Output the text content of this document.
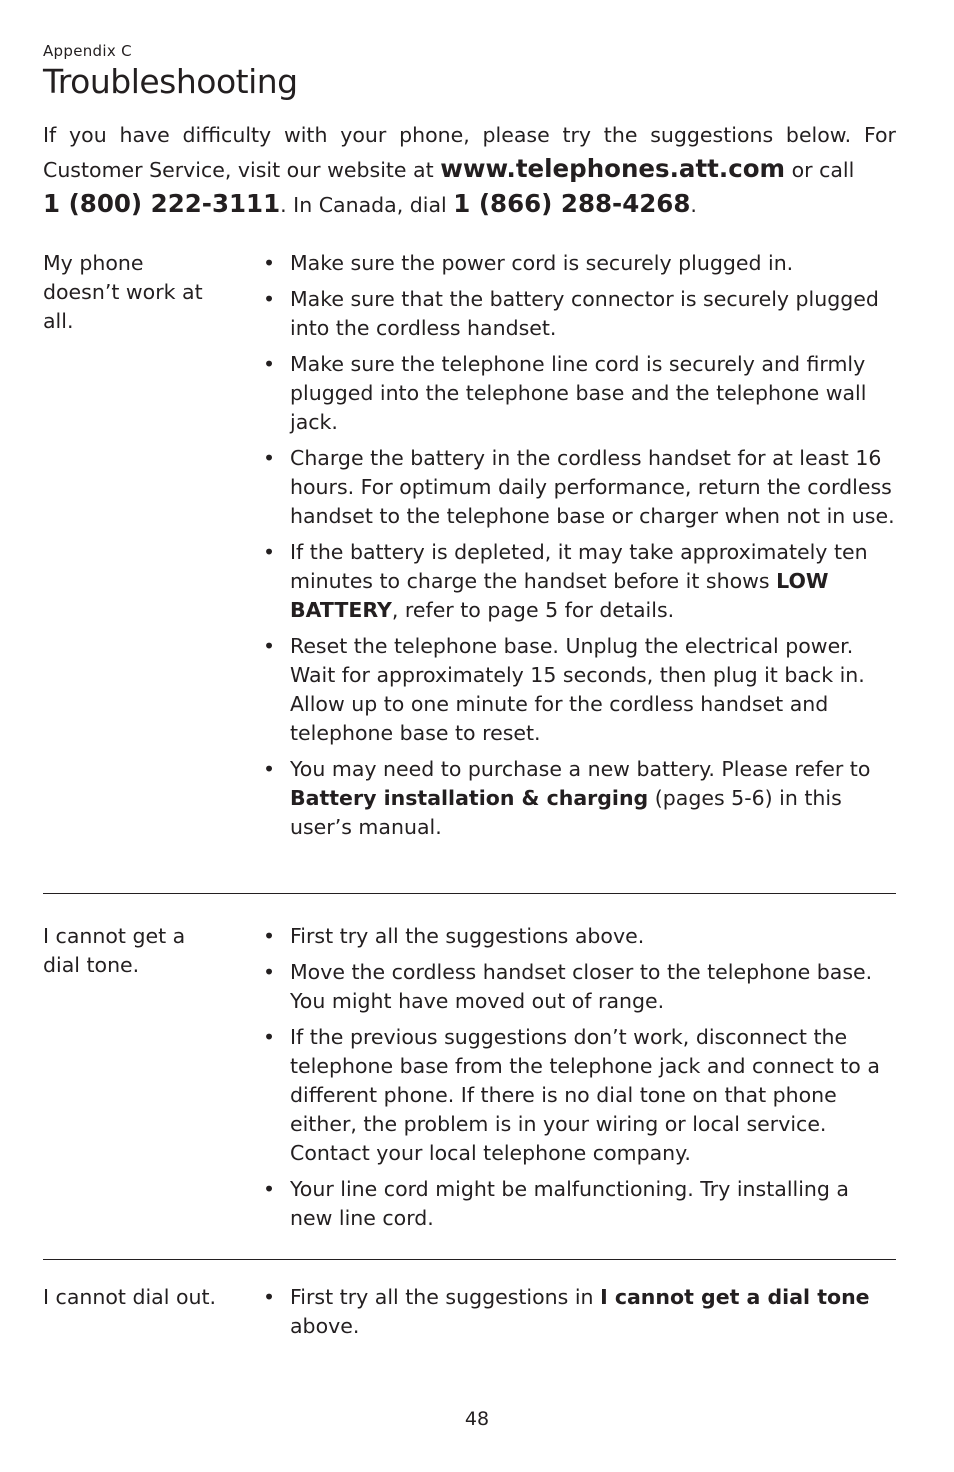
Appendix C
Troubleshooting
If you have difficulty with your phone, please try the suggestions below. For Customer Service, visit our website at www.telephones.att.com or call
1 (800) 222-3111. In Canada, dial 1 (866) 288-4268.
My phone doesn’t work at all.
• Make sure the power cord is securely plugged in.
• Make sure that the battery connector is securely plugged into the cordless handset.
• Make sure the telephone line cord is securely and firmly plugged into the telephone base and the telephone wall jack.
• Charge the battery in the cordless handset for at least 16 hours. For optimum daily performance, return the cordless handset to the telephone base or charger when not in use.
• If the battery is depleted, it may take approximately ten minutes to charge the handset before it shows LOW BATTERY, refer to page 5 for details.
• Reset the telephone base. Unplug the electrical power. Wait for approximately 15 seconds, then plug it back in. Allow up to one minute for the cordless handset and telephone base to reset.
• You may need to purchase a new battery. Please refer to Battery installation & charging (pages 5-6) in this user’s manual.
I cannot get a dial tone.
• First try all the suggestions above.
• Move the cordless handset closer to the telephone base. You might have moved out of range.
• If the previous suggestions don’t work, disconnect the telephone base from the telephone jack and connect to a different phone. If there is no dial tone on that phone either, the problem is in your wiring or local service. Contact your local telephone company.
• Your line cord might be malfunctioning. Try installing a new line cord.
I cannot dial out.
•	First try all the suggestions in I cannot get a dial tone above.
48
